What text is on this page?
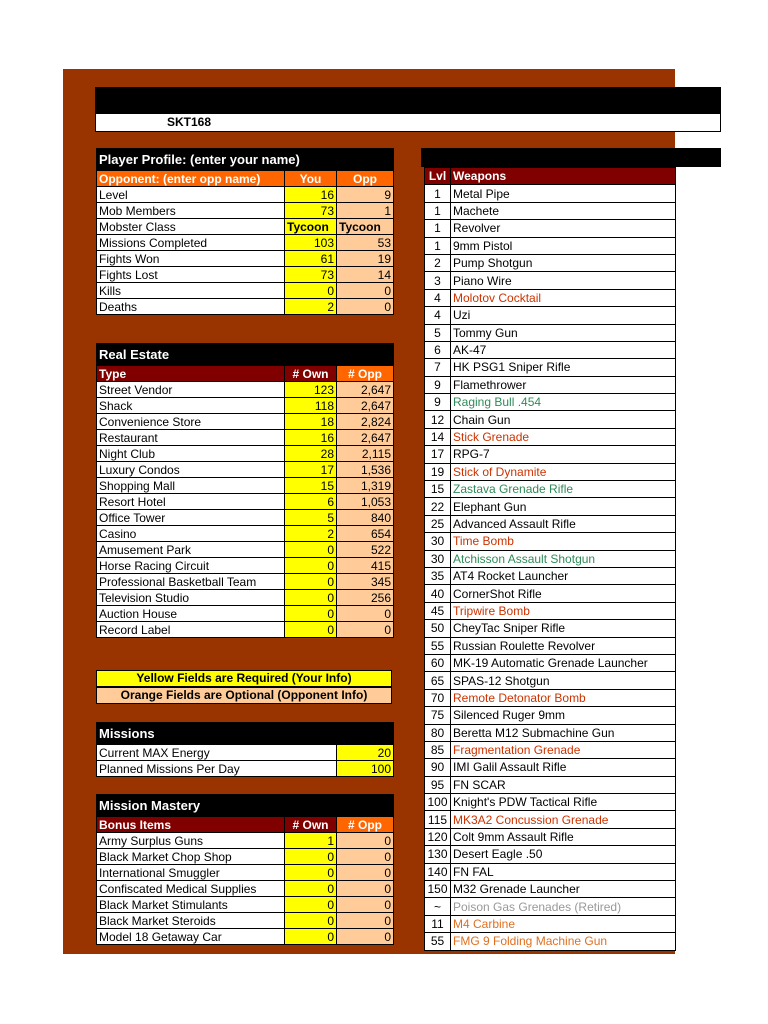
SKT168
Player Profile: (enter your name)		
Opponent: (enter opp name)	You	Opp
Level	16	9
Mob Members	73	1
Mobster Class	Tycoon	Tycoon
Missions Completed	103	53
Fights Won	61	19
Fights Lost	73	14
Kills	0	0
Deaths	2	0
Real Estate		
Type	# Own	# Opp
Street Vendor	123	2,647
Shack	118	2,647
Convenience Store	18	2,824
Restaurant	16	2,647
Night Club	28	2,115
Luxury Condos	17	1,536
Shopping Mall	15	1,319
Resort Hotel	6	1,053
Office Tower	5	840
Casino	2	654
Amusement Park	0	522
Horse Racing Circuit	0	415
Professional Basketball Team	0	345
Television Studio	0	256
Auction House	0	0
Record Label	0	0
Yellow Fields are Required (Your Info)
Orange Fields are Optional (Opponent Info)
Missions	
Current MAX Energy	20
Planned Missions Per Day	100
Mission Mastery		
Bonus Items	# Own	# Opp
Army Surplus Guns	1	0
Black Market Chop Shop	0	0
International Smuggler	0	0
Confiscated Medical Supplies	0	0
Black Market Stimulants	0	0
Black Market Steroids	0	0
Model 18 Getaway Car	0	0
Lvl	Weapons
1	Metal Pipe
1	Machete
1	Revolver
1	9mm Pistol
2	Pump Shotgun
3	Piano Wire
4	Molotov Cocktail
4	Uzi
5	Tommy Gun
6	AK-47
7	HK PSG1 Sniper Rifle
9	Flamethrower
9	Raging Bull .454
12	Chain Gun
14	Stick Grenade
17	RPG-7
19	Stick of Dynamite
15	Zastava Grenade Rifle
22	Elephant Gun
25	Advanced Assault Rifle
30	Time Bomb
30	Atchisson Assault Shotgun
35	AT4 Rocket Launcher
40	CornerShot Rifle
45	Tripwire Bomb
50	CheyTac Sniper Rifle
55	Russian Roulette Revolver
60	MK-19 Automatic Grenade Launcher
65	SPAS-12 Shotgun
70	Remote Detonator Bomb
75	Silenced Ruger 9mm
80	Beretta M12 Submachine Gun
85	Fragmentation Grenade
90	IMI Galil Assault Rifle
95	FN SCAR
100	Knight's PDW Tactical Rifle
115	MK3A2 Concussion Grenade
120	Colt 9mm Assault Rifle
130	Desert Eagle .50
140	FN FAL
150	M32 Grenade Launcher
~	Poison Gas Grenades (Retired)
11	M4 Carbine
55	FMG 9 Folding Machine Gun
